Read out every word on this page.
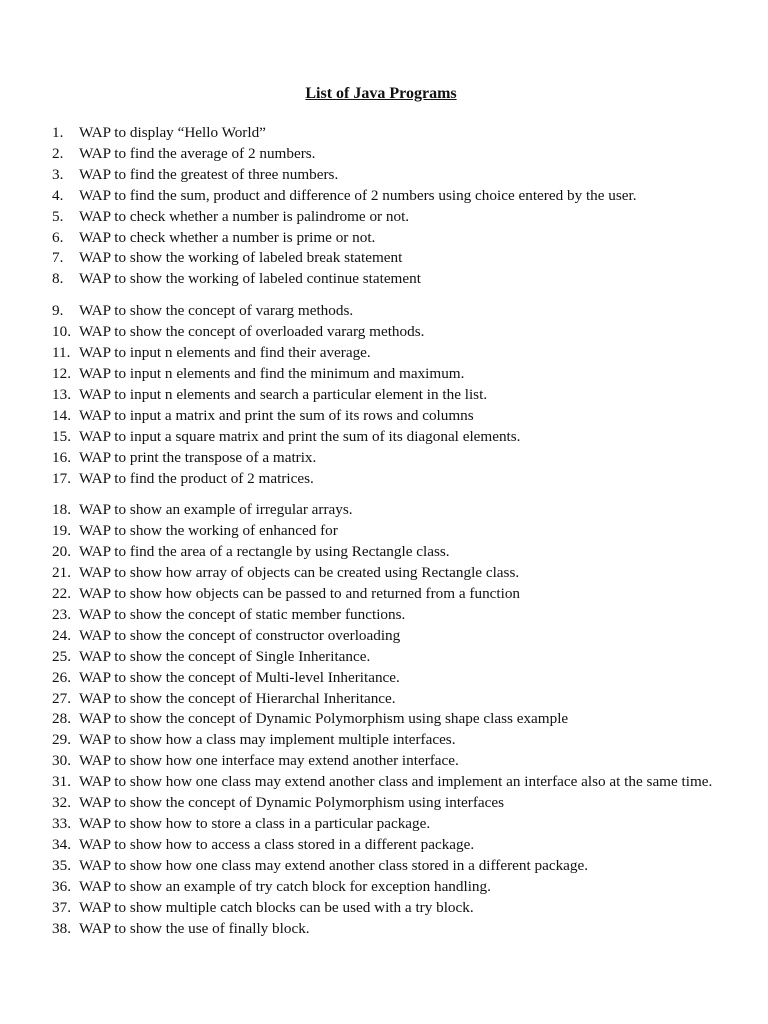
List of Java Programs
1.	WAP to display “Hello World”
2.	WAP to find the average of 2 numbers.
3.	WAP to find the greatest of three numbers.
4.	WAP to find the sum, product and difference of 2 numbers using choice entered by the user.
5.	WAP to check whether a number is palindrome or not.
6.	WAP to check whether a number is prime or not.
7.	WAP to show the working of labeled break statement
8.	WAP to show the working of labeled continue statement
9.	WAP to show the concept of vararg methods.
10. WAP to show the concept of overloaded vararg methods.
11. WAP to input n elements and find their average.
12. WAP to input n elements and find the minimum and maximum.
13. WAP to input n elements and search a particular element in the list.
14. WAP to input a matrix and print the sum of its rows and columns
15. WAP to input a square matrix and print the sum of its diagonal elements.
16. WAP to print the transpose of a matrix.
17. WAP to find the product of 2 matrices.
18. WAP to show an example of irregular arrays.
19. WAP to show the working of enhanced for
20. WAP to find the area of a rectangle by using Rectangle class.
21. WAP to show how array of objects can be created using Rectangle class.
22. WAP to show how objects can be passed to and returned from a function
23. WAP to show the concept of static member functions.
24. WAP to show the concept of constructor overloading
25. WAP to show the concept of Single Inheritance.
26. WAP to show the concept of Multi-level Inheritance.
27. WAP to show the concept of Hierarchal Inheritance.
28. WAP to show the concept of Dynamic Polymorphism using shape class example
29. WAP to show how a class may implement multiple interfaces.
30. WAP to show how one interface may extend another interface.
31. WAP to show how one class may extend another class and implement an interface also at the same time.
32. WAP to show the concept of Dynamic Polymorphism using interfaces
33. WAP to show how to store a class in a particular package.
34. WAP to show how to access a class stored in a different package.
35. WAP to show how one class may extend another class stored in a different package.
36. WAP to show an example of try catch block for exception handling.
37. WAP to show multiple catch blocks can be used with a try block.
38. WAP to show the use of finally block.
